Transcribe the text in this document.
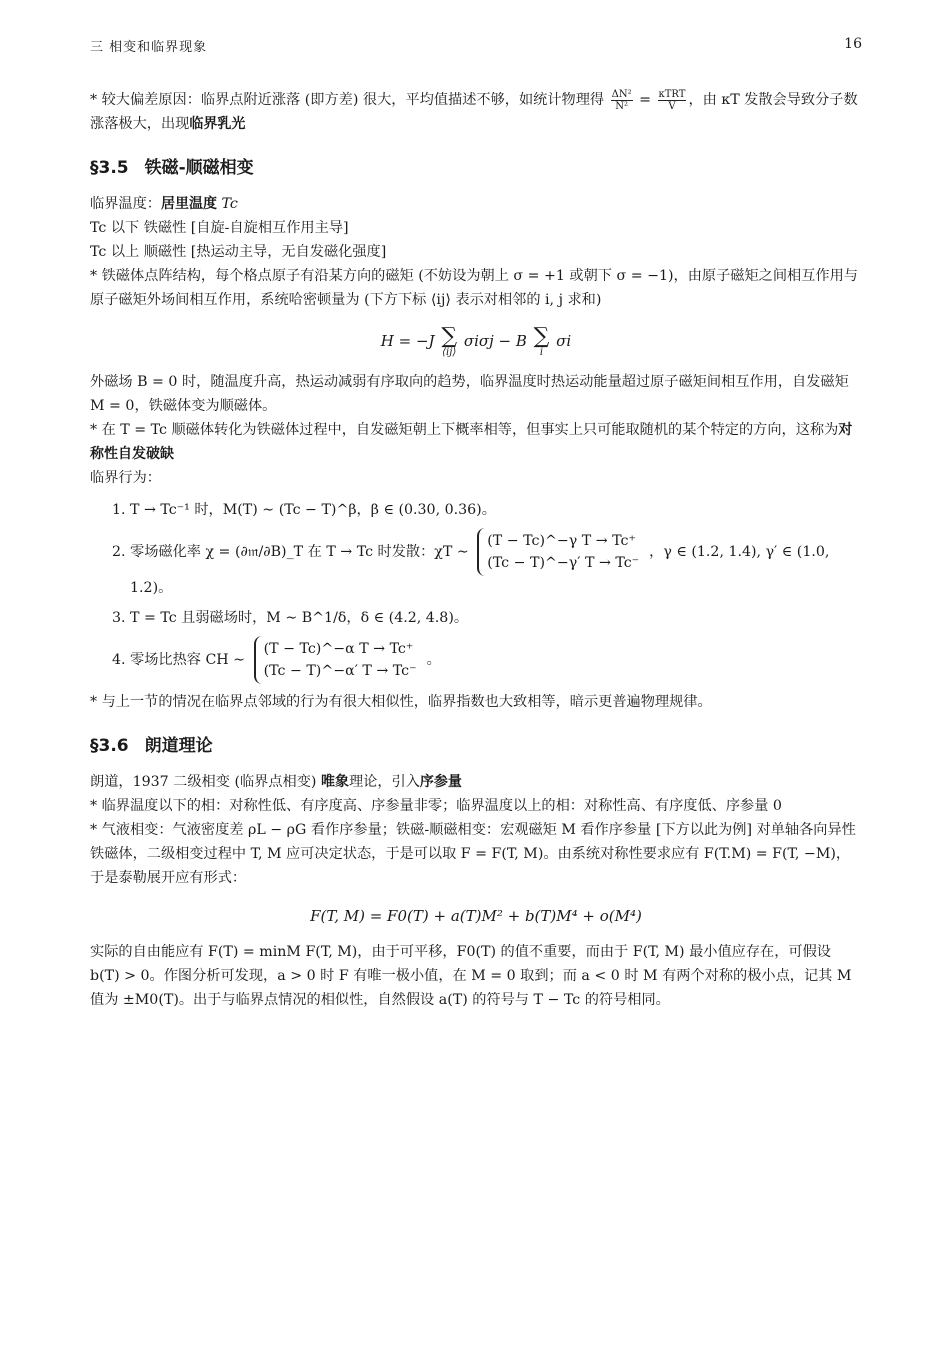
三 相变和临界现象	16

* 较大偏差原因：临界点附近涨落 (即方差) 很大，平均值描述不够，如统计物理得 $\frac{\text{ΔN²}}{\text{N²}} = \frac{\text{κTRT}}{V}$ ，由 κT 发散会导致分子数涨落极大，出现临界乳光

§3.5 铁磁-顺磁相变

临界温度：居里温度 Tc

Tc 以下 铁磁性 [自旋-自旋相互作用主导]

Tc 以上 顺磁性 [热运动主导，无自发磁化强度]

* 铁磁体点阵结构，每个格点原子有沿某方向的磁矩 (不妨设为朝上 σ = +1 或朝下 σ = −1)，由原子磁矩之间相互作用与原子磁矩外场间相互作用，系统哈密顿量为 (下方下标 ⟨ij⟩ 表示对相邻的 i, j 求和)

H = −J ∑
⟨ij⟩
σiσj − B ∑
i
σi

外磁场 B = 0 时，随温度升高，热运动减弱有序取向的趋势，临界温度时热运动能量超过原子磁矩间相互作用，自发磁矩 M = 0，铁磁体变为顺磁体。

* 在 T = Tc 顺磁体转化为铁磁体过程中，自发磁矩朝上下概率相等，但事实上只可能取随机的某个特定的方向，这称为对称性自发破缺

临界行为：

1. T → Tc⁻¹ 时，M(T) ∼ (Tc − T)^β，β ∈ (0.30, 0.36)。
2. 零场磁化率 χ = (∂𝔪/∂B)_T 在 T → Tc 时发散：χT ∼
(T − Tc)^−γ T → Tc⁺
(Tc − T)^−γ′ T → Tc⁻
，γ ∈ (1.2, 1.4), γ′ ∈ (1.0, 1.2)。
3. T = Tc 且弱磁场时，M ∼ B^1/δ，δ ∈ (4.2, 4.8)。
4. 零场比热容 CH ∼
(T − Tc)^−α T → Tc⁺
(Tc − T)^−α′ T → Tc⁻
。

* 与上一节的情况在临界点邻域的行为有很大相似性，临界指数也大致相等，暗示更普遍物理规律。

§3.6 朗道理论

朗道，1937 二级相变 (临界点相变) 唯象理论，引入序参量

* 临界温度以下的相：对称性低、有序度高、序参量非零；临界温度以上的相：对称性高、有序度低、序参量 0

* 气液相变：气液密度差 ρL − ρG 看作序参量；铁磁-顺磁相变：宏观磁矩 M 看作序参量 [下方以此为例] 对单轴各向异性铁磁体，二级相变过程中 T, M 应可决定状态，于是可以取 F = F(T, M)。由系统对称性要求应有 F(T.M) = F(T, −M)，于是泰勒展开应有形式：

F(T, M) = F0(T) + a(T)M² + b(T)M⁴ + o(M⁴)

实际的自由能应有 F(T) = minM F(T, M)，由于可平移，F0(T) 的值不重要，而由于 F(T, M) 最小值应存在，可假设 b(T) > 0。作图分析可发现，a > 0 时 F 有唯一极小值，在 M = 0 取到；而 a < 0 时 M 有两个对称的极小点，记其 M 值为 ±M0(T)。出于与临界点情况的相似性，自然假设 a(T) 的符号与 T − Tc 的符号相同。
